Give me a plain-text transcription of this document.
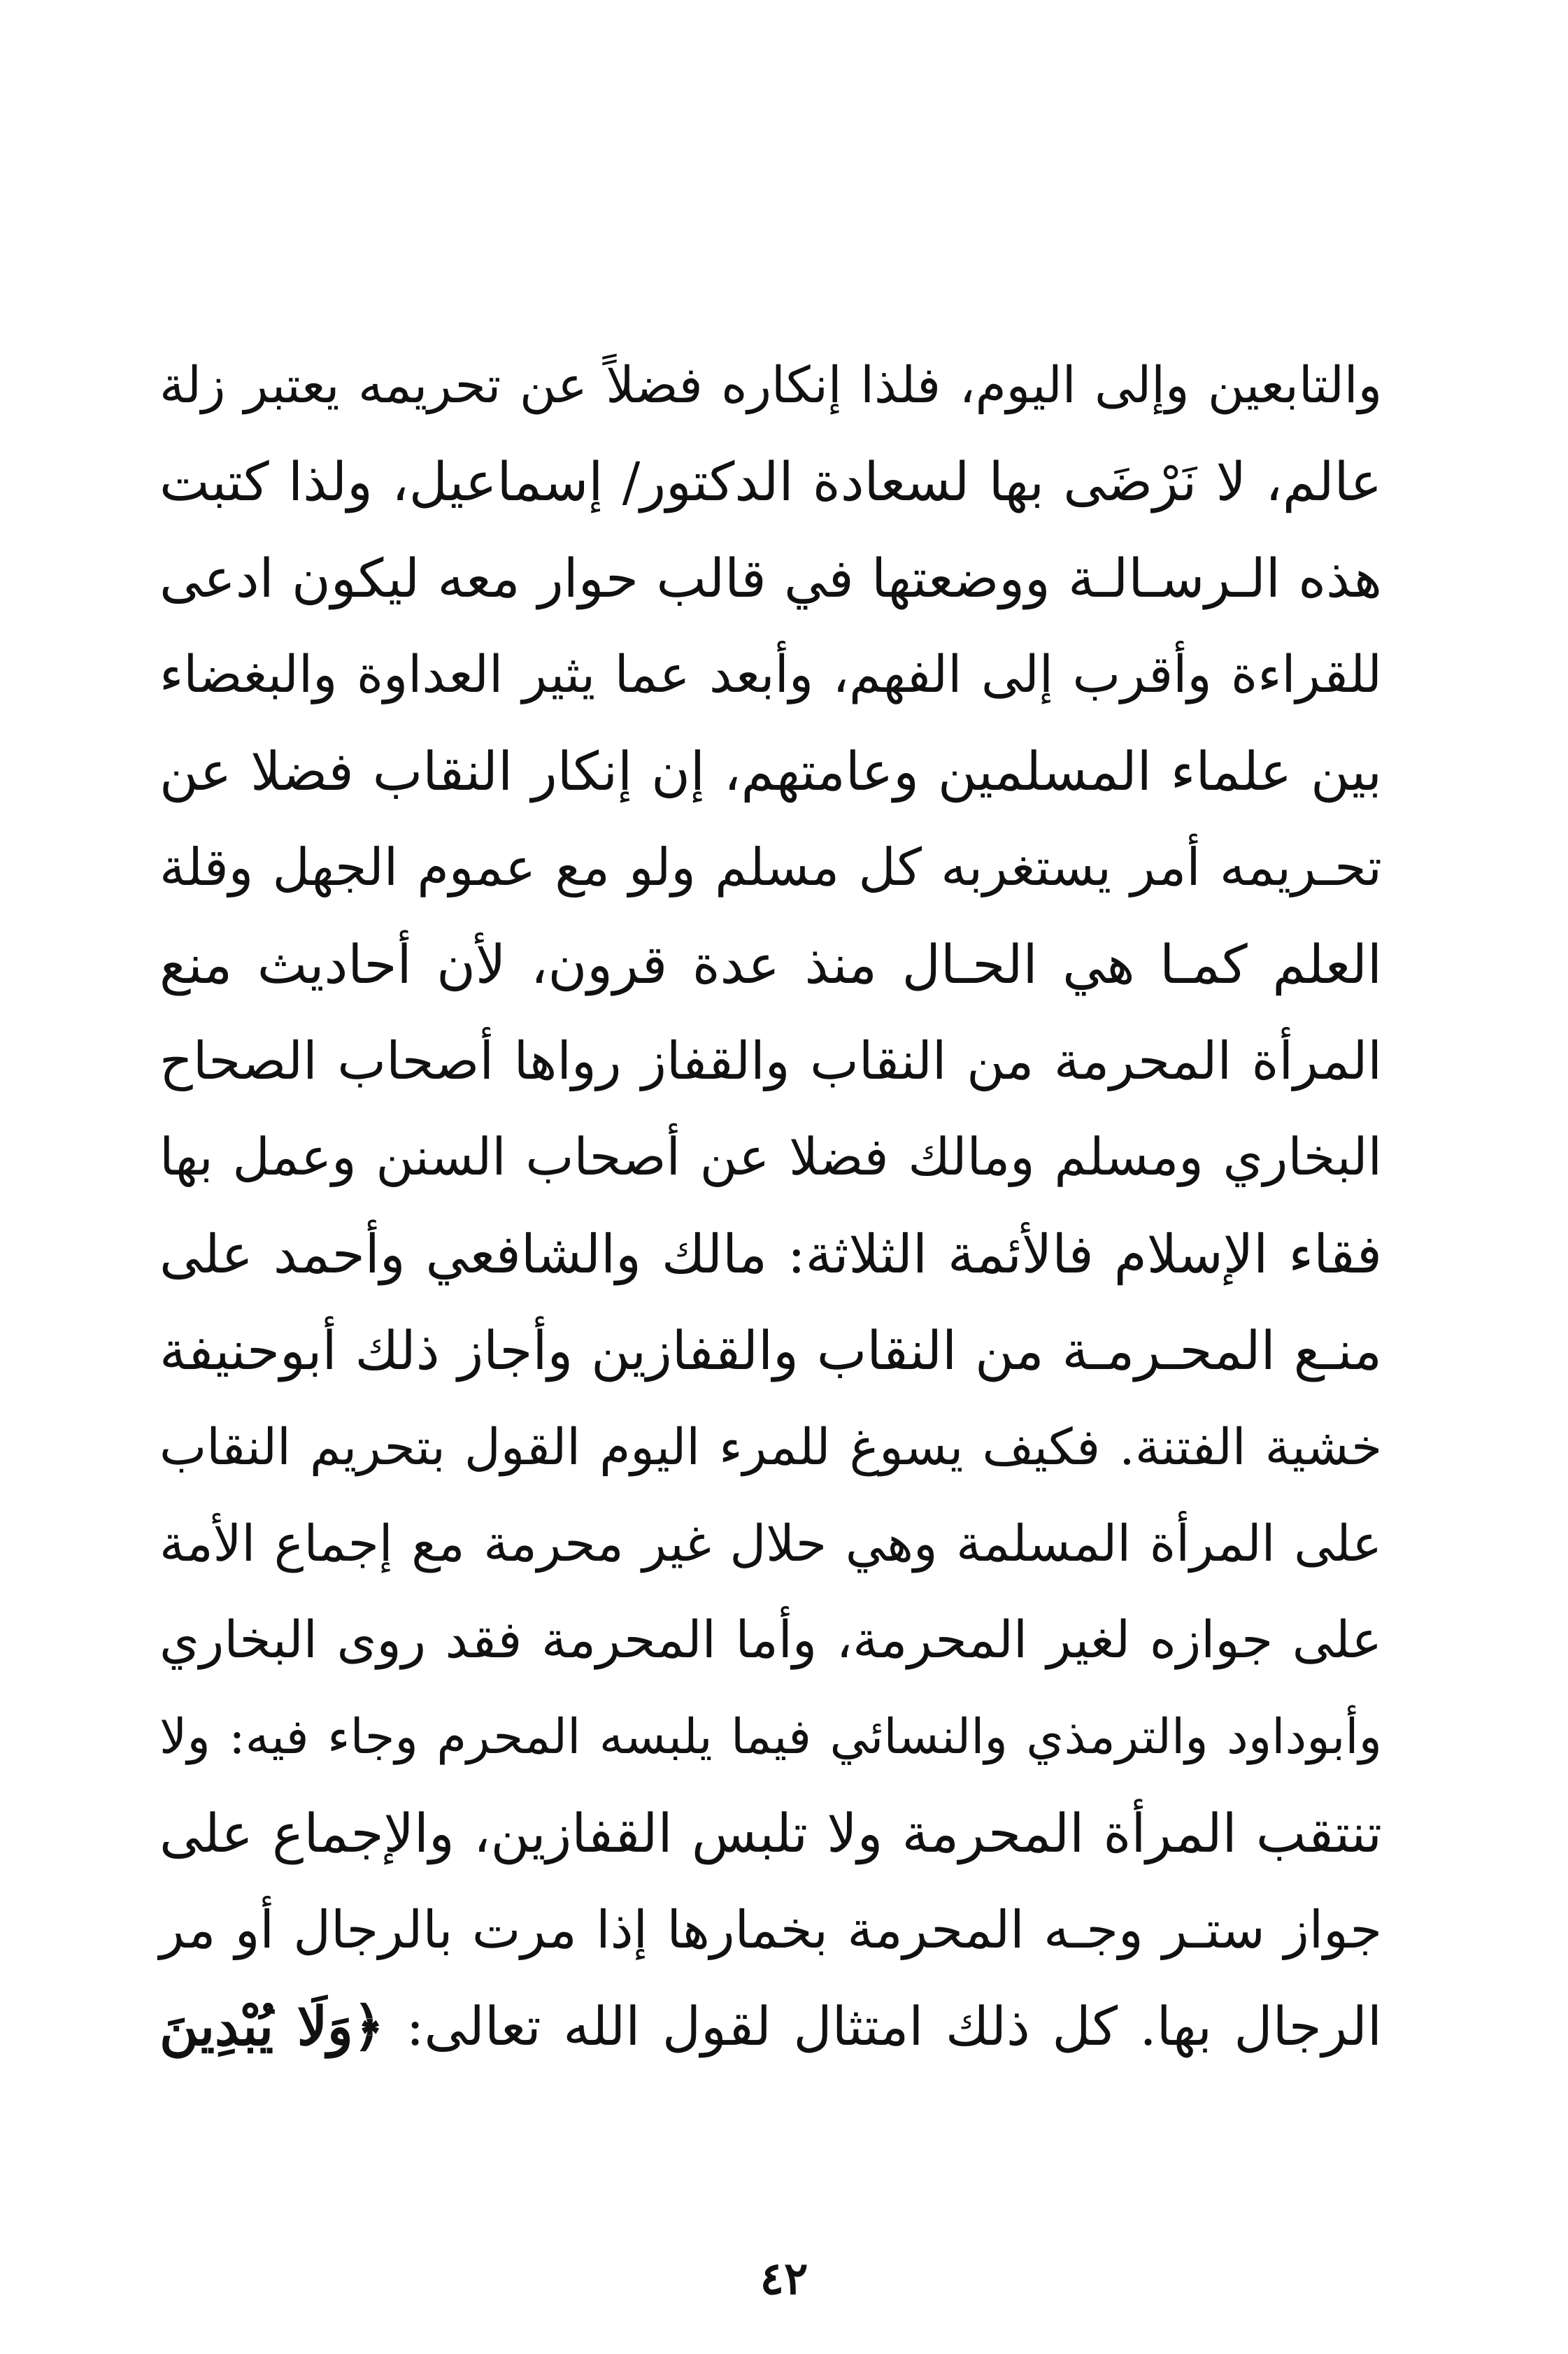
والتابعين وإلى اليوم، فلذا إنكاره فضلاً عن تحريمه يعتبر زلة
عالم، لا نَرْضَى بها لسعادة الدكتور/ إسماعيل، ولذا كتبت
هذه الـرسـالـة ووضعتها في قالب حوار معه ليكون ادعى
للقراءة وأقرب إلى الفهم، وأبعد عما يثير العداوة والبغضاء
بين علماء المسلمين وعامتهم، إن إنكار النقاب فضلا عن
تحـريمه أمر يستغربه كل مسلم ولو مع عموم الجهل وقلة
العلم كمـا هي الحـال منذ عدة قرون، لأن أحاديث منع
المرأة المحرمة من النقاب والقفاز رواها أصحاب الصحاح
البخاري ومسلم ومالك فضلا عن أصحاب السنن وعمل بها
فقاء الإسلام فالأئمة الثلاثة: مالك والشافعي وأحمد على
منـع المحـرمـة من النقاب والقفازين وأجاز ذلك أبوحنيفة
خشية الفتنة. فكيف يسوغ للمرء اليوم القول بتحريم النقاب
على المرأة المسلمة وهي حلال غير محرمة مع إجماع الأمة
على جوازه لغير المحرمة، وأما المحرمة فقد روى البخاري
وأبوداود والترمذي والنسائي فيما يلبسه المحرم وجاء فيه: ولا
تنتقب المرأة المحرمة ولا تلبس القفازين، والإجماع على
جواز ستـر وجـه المحرمة بخمارها إذا مرت بالرجال أو مر
الرجال بها. كل ذلك امتثال لقول الله تعالى: ﴿وَلَا يُبْدِينَ
٤٢
